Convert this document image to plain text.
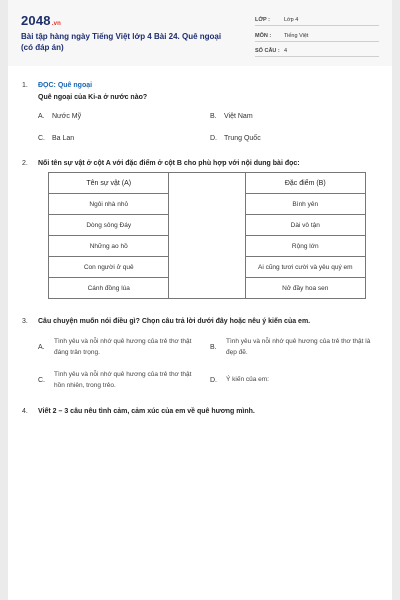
2048.vn
Bài tập hàng ngày Tiếng Việt lớp 4 Bài 24. Quê ngoại (có đáp án)
LỚP :	Lớp 4
MÔN : Tiếng Việt
SỐ CÂU : 4
1. ĐỌC: Quê ngoại
Quê ngoại của Ki-a ở nước nào?
A. Nước Mỹ	B. Việt Nam
C. Ba Lan	D. Trung Quốc
2. Nối tên sự vật ở cột A với đặc điểm ở cột B cho phù hợp với nội dung bài đọc:
Tên sự vật (A)		Đặc điểm (B)
Ngôi nhà nhỏ		Bình yên
Dòng sông Đáy		Dài vô tận
Những ao hồ		Rộng lớn
Con người ở quê		Ai cũng tươi cười và yêu quý em
Cánh đồng lúa		Nở đầy hoa sen
3. Câu chuyện muốn nói điều gì? Chọn câu trả lời dưới đây hoặc nêu ý kiến của em.
A.
Tình yêu và nỗi nhớ quê hương của trẻ thơ thật đáng trân trọng.
B.
Tình yêu và nỗi nhớ quê hương của trẻ thơ thật là đẹp đẽ.
C.
Tình yêu và nỗi nhớ quê hương của trẻ thơ thật hồn nhiên, trong trẻo.
D. Ý kiến của em:
4. Viết 2 – 3 câu nêu tình cảm, cảm xúc của em về quê hương mình.
